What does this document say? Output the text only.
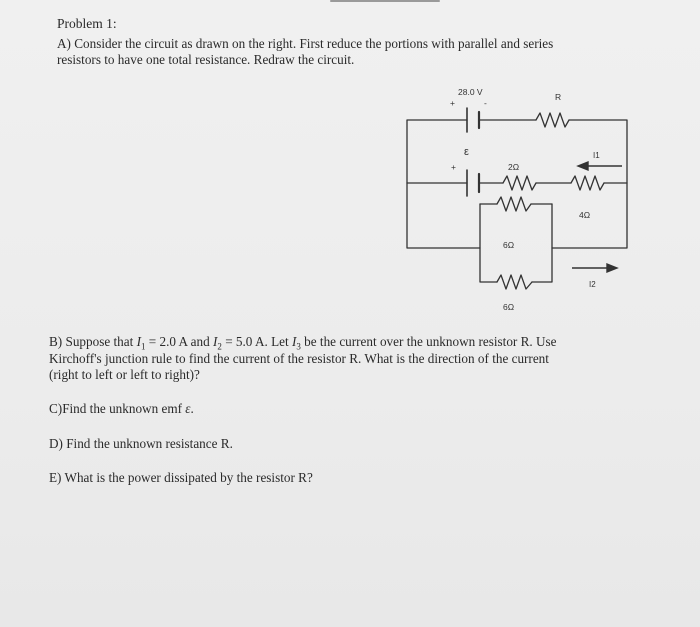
Problem 1:
A) Consider the circuit as drawn on the right. First reduce the portions with parallel and series
resistors to have one total resistance. Redraw the circuit.
B) Suppose that $I_1 = 2.0$ A and $I_2 = 5.0$ A. Let $I_3$ be the current over the unknown resistor R. Use
Kirchoff's junction rule to find the current of the resistor R. What is the direction of the current
(right to left or left to right)?
C)Find the unknown emf ε.
D) Find the unknown resistance R.
E) What is the power dissipated by the resistor R?
28.0 V
+	-
ε
+
R
2Ω
4Ω
6Ω
6Ω
I1
I2
